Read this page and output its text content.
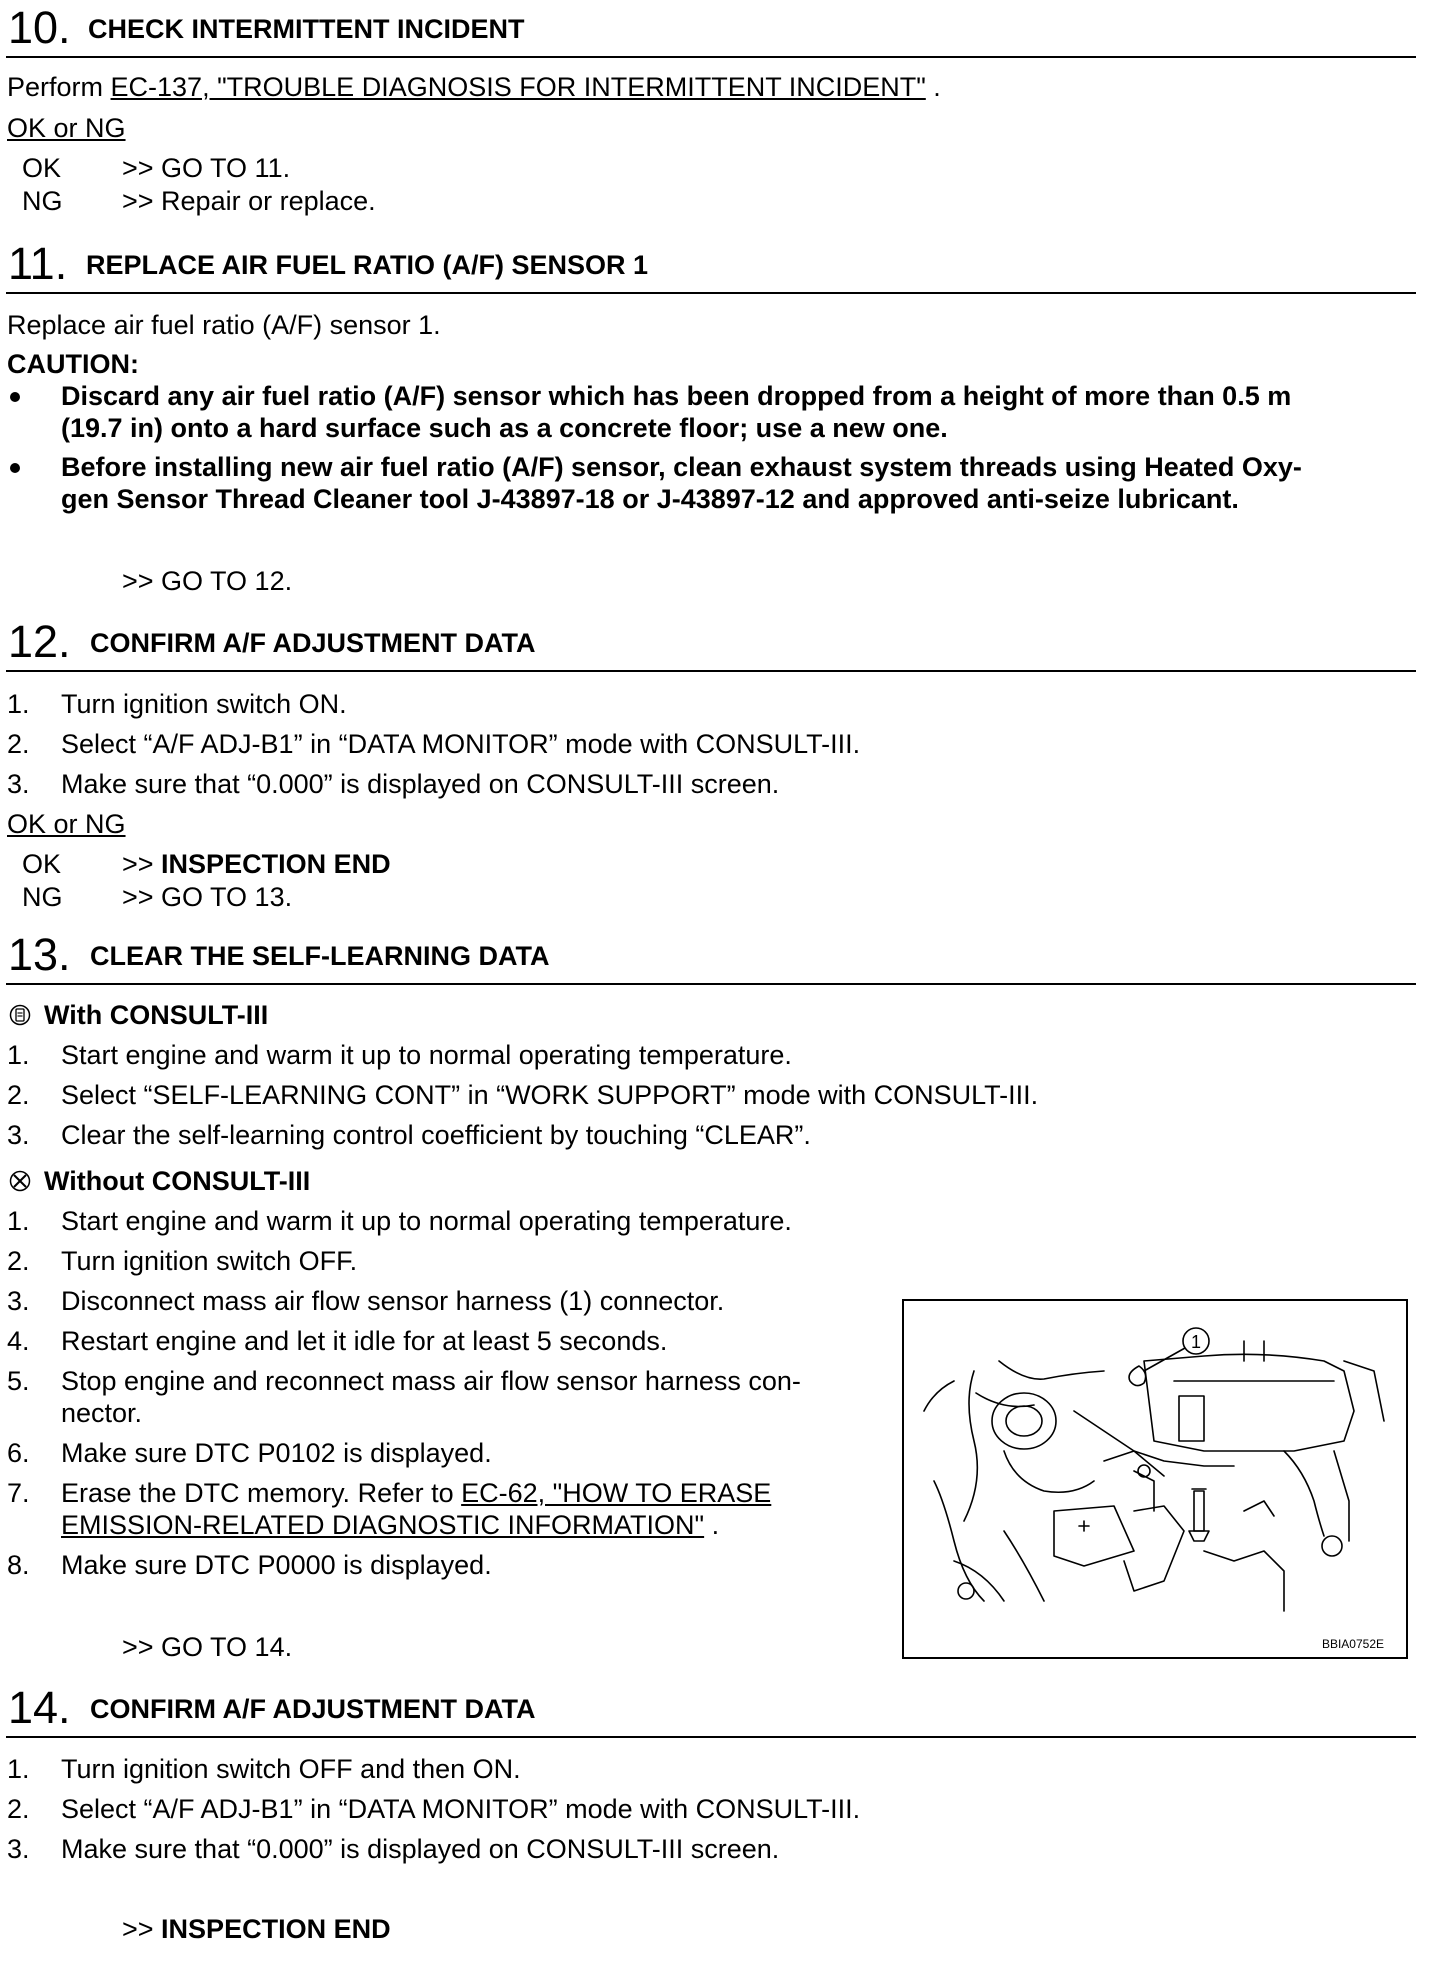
10. CHECK INTERMITTENT INCIDENT
Perform EC-137, "TROUBLE DIAGNOSIS FOR INTERMITTENT INCIDENT" .
OK or NG
OK >> GO TO 11.
NG >> Repair or replace.
11. REPLACE AIR FUEL RATIO (A/F) SENSOR 1
Replace air fuel ratio (A/F) sensor 1.
CAUTION:
Discard any air fuel ratio (A/F) sensor which has been dropped from a height of more than 0.5 m
(19.7 in) onto a hard surface such as a concrete floor; use a new one.
Before installing new air fuel ratio (A/F) sensor, clean exhaust system threads using Heated Oxy-
gen Sensor Thread Cleaner tool J-43897-18 or J-43897-12 and approved anti-seize lubricant.
>> GO TO 12.
12. CONFIRM A/F ADJUSTMENT DATA
1. Turn ignition switch ON.
2. Select “A/F ADJ-B1” in “DATA MONITOR” mode with CONSULT-III.
3. Make sure that “0.000” is displayed on CONSULT-III screen.
OK or NG
OK >> INSPECTION END
NG >> GO TO 13.
13. CLEAR THE SELF-LEARNING DATA
With CONSULT-III
1. Start engine and warm it up to normal operating temperature.
2. Select “SELF-LEARNING CONT” in “WORK SUPPORT” mode with CONSULT-III.
3. Clear the self-learning control coefficient by touching “CLEAR”.
Without CONSULT-III
1. Start engine and warm it up to normal operating temperature.
2. Turn ignition switch OFF.
3. Disconnect mass air flow sensor harness (1) connector.
4. Restart engine and let it idle for at least 5 seconds.
5. Stop engine and reconnect mass air flow sensor harness con-
nector.
6. Make sure DTC P0102 is displayed.
7. Erase the DTC memory. Refer to EC-62, "HOW TO ERASE
EMISSION-RELATED DIAGNOSTIC INFORMATION" .
8. Make sure DTC P0000 is displayed.
>> GO TO 14.
1
BBIA0752E
14. CONFIRM A/F ADJUSTMENT DATA
1. Turn ignition switch OFF and then ON.
2. Select “A/F ADJ-B1” in “DATA MONITOR” mode with CONSULT-III.
3. Make sure that “0.000” is displayed on CONSULT-III screen.
>> INSPECTION END
